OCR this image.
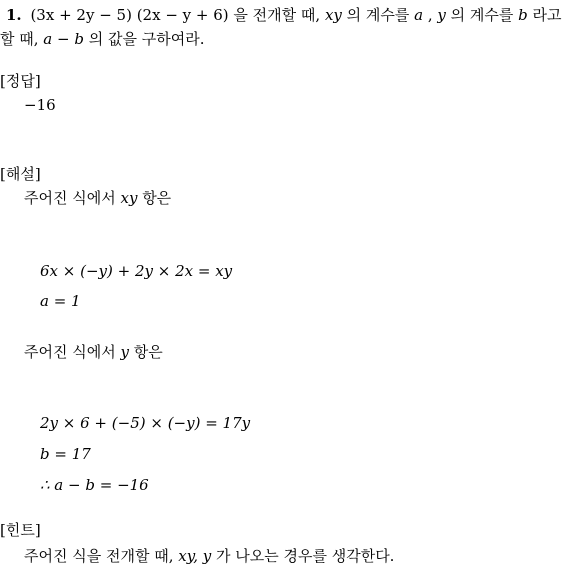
1. (3x + 2y − 5) (2x − y + 6) 을 전개할 때, xy 의 계수를 a , y 의 계수를 b 라고
할 때, a − b 의 값을 구하여라.
[정답]
−16
[해설]
주어진 식에서 xy 항은
6x × (−y) + 2y × 2x = xy
a = 1
주어진 식에서 y 항은
2y × 6 + (−5) × (−y) = 17y
b = 17
∴ a − b = −16
[힌트]
주어진 식을 전개할 때, xy, y 가 나오는 경우를 생각한다.
